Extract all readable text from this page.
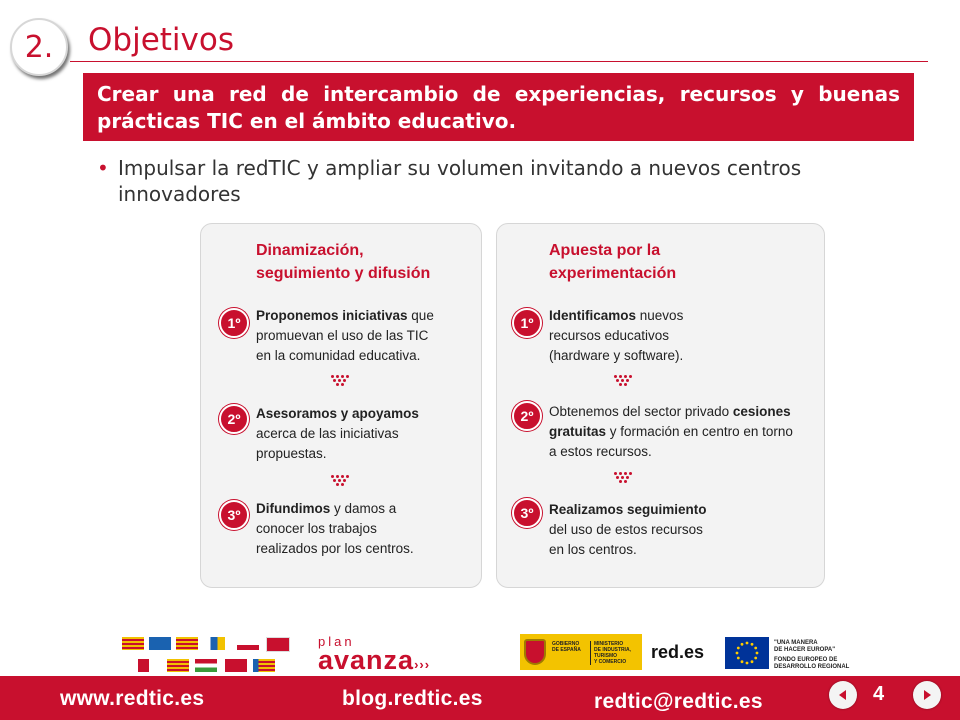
2. Objetivos
Crear una red de intercambio de experiencias, recursos y buenas prácticas TIC en el ámbito educativo.
• Impulsar la redTIC y ampliar su volumen invitando a nuevos centros innovadores
Dinamización,
seguimiento y difusión
1º	Proponemos iniciativas que
promuevan el uso de las TIC
en la comunidad educativa.
2º	Asesoramos y apoyamos
acerca de las iniciativas
propuestas.
3º	Difundimos y damos a
conocer los trabajos
realizados por los centros.
Apuesta por la
experimentación
1º	Identificamos nuevos
recursos educativos
(hardware y software).
2º	Obtenemos del sector privado cesiones
gratuitas y formación en centro en torno
a estos recursos.
3º	Realizamos seguimiento
del uso de estos recursos
en los centros.
plan
avanza›››
GOBIERNO
DE ESPAÑA
MINISTERIO
DE INDUSTRIA, TURISMO
Y COMERCIO	red.es	"UNA MANERA
DE HACER EUROPA"
FONDO EUROPEO DE
DESARROLLO REGIONAL
www.redtic.es	blog.redtic.es	redtic@redtic.es	4
